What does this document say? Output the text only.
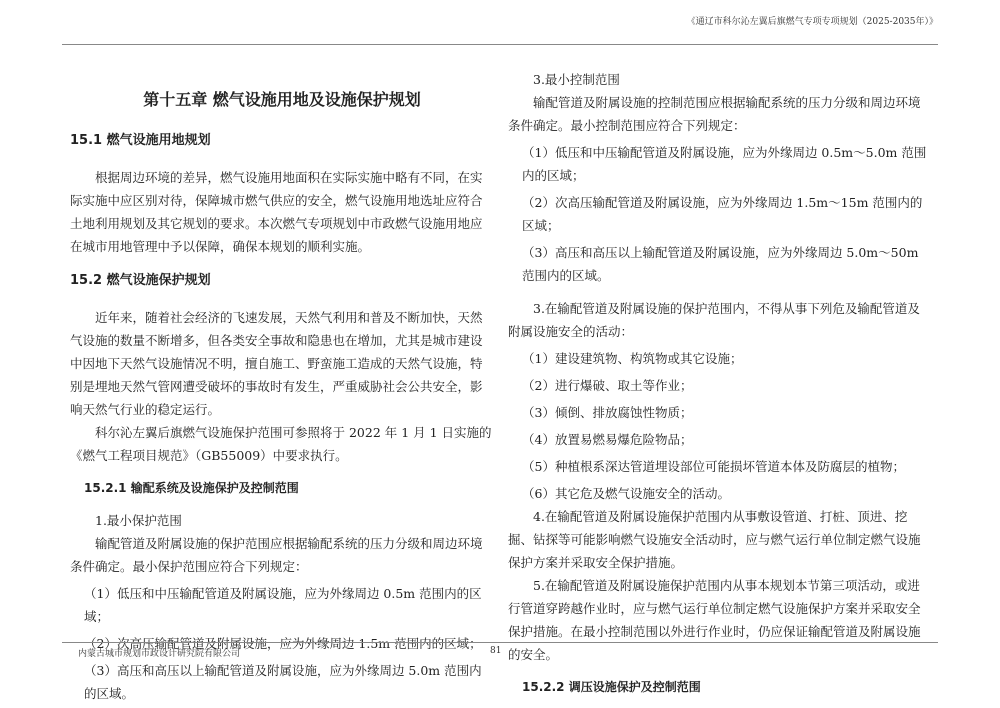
《通辽市科尔沁左翼后旗燃气专项专项规划（2025-2035年）》

第十五章 燃气设施用地及设施保护规划

15.1 燃气设施用地规划

根据周边环境的差异，燃气设施用地面积在实际实施中略有不同，在实际实施中应区别对待，保障城市燃气供应的安全，燃气设施用地选址应符合土地利用规划及其它规划的要求。本次燃气专项规划中市政燃气设施用地应在城市用地管理中予以保障，确保本规划的顺利实施。

15.2 燃气设施保护规划

近年来，随着社会经济的飞速发展，天然气利用和普及不断加快，天然气设施的数量不断增多，但各类安全事故和隐患也在增加，尤其是城市建设中因地下天然气设施情况不明，擅自施工、野蛮施工造成的天然气设施，特别是埋地天然气管网遭受破坏的事故时有发生，严重威胁社会公共安全，影响天然气行业的稳定运行。

科尔沁左翼后旗燃气设施保护范围可参照将于 2022 年 1 月 1 日实施的《燃气工程项目规范》（GB55009）中要求执行。

15.2.1 输配系统及设施保护及控制范围

1.最小保护范围

输配管道及附属设施的保护范围应根据输配系统的压力分级和周边环境条件确定。最小保护范围应符合下列规定：

（1）低压和中压输配管道及附属设施，应为外缘周边 0.5m 范围内的区域；

（2）次高压输配管道及附属设施，应为外缘周边 1.5m 范围内的区域；

（3）高压和高压以上输配管道及附属设施，应为外缘周边 5.0m 范围内的区域。

3.最小控制范围

输配管道及附属设施的控制范围应根据输配系统的压力分级和周边环境条件确定。最小控制范围应符合下列规定：

（1）低压和中压输配管道及附属设施，应为外缘周边 0.5m～5.0m 范围内的区域；

（2）次高压输配管道及附属设施，应为外缘周边 1.5m～15m 范围内的区域；

（3）高压和高压以上输配管道及附属设施，应为外缘周边 5.0m～50m 范围内的区域。

3.在输配管道及附属设施的保护范围内，不得从事下列危及输配管道及附属设施安全的活动：

（1）建设建筑物、构筑物或其它设施；

（2）进行爆破、取土等作业；

（3）倾倒、排放腐蚀性物质；

（4）放置易燃易爆危险物品；

（5）种植根系深达管道埋设部位可能损坏管道本体及防腐层的植物；

（6）其它危及燃气设施安全的活动。

4.在输配管道及附属设施保护范围内从事敷设管道、打桩、顶进、挖掘、钻探等可能影响燃气设施安全活动时，应与燃气运行单位制定燃气设施保护方案并采取安全保护措施。

5.在输配管道及附属设施保护范围内从事本规划本节第三项活动，或进行管道穿跨越作业时，应与燃气运行单位制定燃气设施保护方案并采取安全保护措施。在最小控制范围以外进行作业时，仍应保证输配管道及附属设施的安全。

15.2.2 调压设施保护及控制范围

内蒙古城市规划市政设计研究院有限公司	81
